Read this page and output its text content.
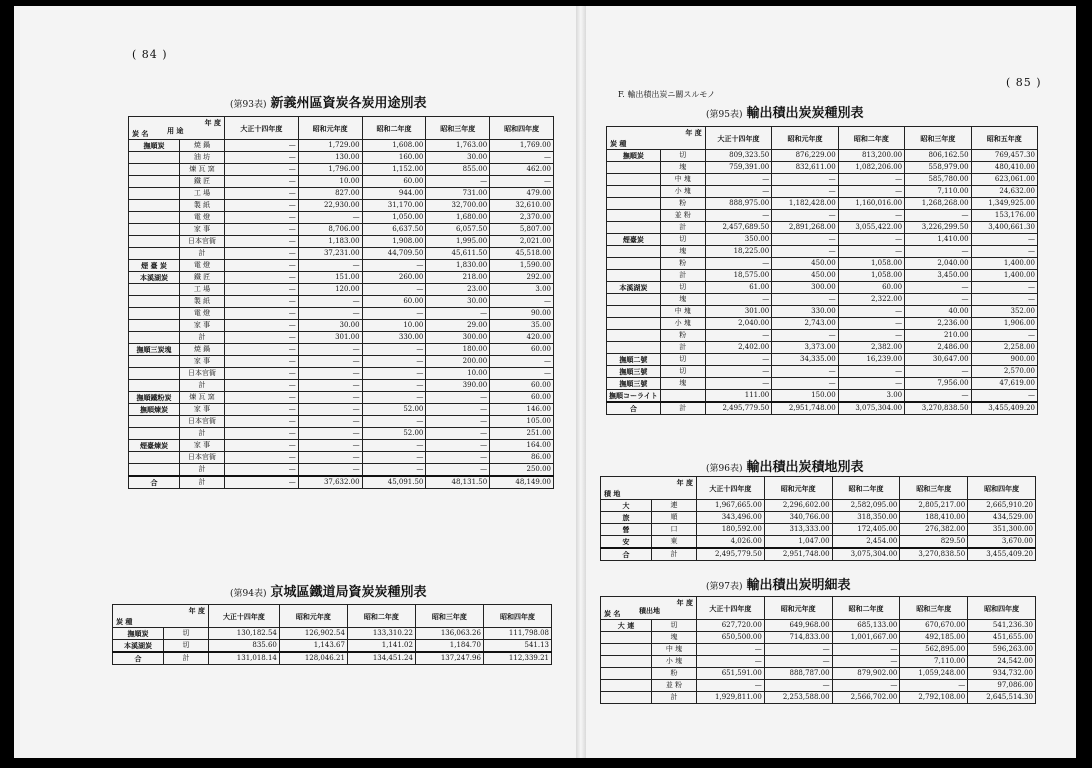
( 84 )
(第93表) 新義州區資炭各炭用途別表
年 度
炭 名 用 途		大正十四年度	昭和元年度	昭和二年度	昭和三年度	昭和四年度
撫順炭	焼 鍋	—	1,729.00	1,608.00	1,763.00	1,769.00
	油 坊	—	130.00	160.00	30.00	—
	煉 瓦 窯	—	1,796.00	1,152.00	855.00	462.00
	鐵 匠	—	10.00	60.00	—	—
	工 場	—	827.00	944.00	731.00	479.00
	製 紙	—	22,930.00	31,170.00	32,700.00	32,610.00
	電 燈	—	—	1,050.00	1,680.00	2,370.00
	家 事	—	8,706.00	6,637.50	6,057.50	5,807.00
	日本官衙	—	1,183.00	1,908.00	1,995.00	2,021.00
	計	—	37,231.00	44,709.50	45,611.50	45,518.00
煙 臺 炭	電 燈	—	—	—	1,830.00	1,590.00
本溪湖炭	鐵 匠	—	151.00	260.00	218.00	292.00
	工 場	—	120.00	—	23.00	3.00
	製 紙	—	—	60.00	30.00	—
	電 燈	—	—	—	—	90.00
	家 事	—	30.00	10.00	29.00	35.00
	計	—	301.00	330.00	300.00	420.00
撫順三炭塊	焼 鍋	—	—	—	180.00	60.00
	家 事	—	—	—	200.00	—
	日本官衙	—	—	—	10.00	—
	計	—	—	—	390.00	60.00
撫順鐵粉炭	煉 瓦 窯	—	—	—	—	60.00
撫順煉炭	家 事	—	—	52.00	—	146.00
	日本官衙	—	—	—	—	105.00
	計	—	—	52.00	—	251.00
煙臺煉炭	家 事	—	—	—	—	164.00
	日本官衙	—	—	—	—	86.00
	計	—	—	—	—	250.00
合	計	—	37,632.00	45,091.50	48,131.50	48,149.00
(第94表) 京城區鐵道局資炭炭種別表
年 度
炭 種		大正十四年度	昭和元年度	昭和二年度	昭和三年度	昭和四年度
撫順炭	切	130,182.54	126,902.54	133,310.22	136,063.26	111,798.08
本溪湖炭	切	835.60	1,143.67	1,141.02	1,184.70	541.13
合	計	131,018.14	128,046.21	134,451.24	137,247.96	112,339.21
( 85 )
F. 輸出積出炭ニ關スルモノ
(第95表) 輸出積出炭炭種別表
年 度
炭 種		大正十四年度	昭和元年度	昭和二年度	昭和三年度	昭和五年度
撫順炭	切	809,323.50	876,229.00	813,200.00	806,162.50	769,457.30
	塊	759,391.00	832,611.00	1,082,206.00	558,979.00	480,410.00
	中 塊	—	—	—	585,780.00	623,061.00
	小 塊	—	—	—	7,110.00	24,632.00
	粉	888,975.00	1,182,428.00	1,160,016.00	1,268,268.00	1,349,925.00
	並 粉	—	—	—	—	153,176.00
	計	2,457,689.50	2,891,268.00	3,055,422.00	3,226,299.50	3,400,661.30
煙臺炭	切	350.00	—	—	1,410.00	—
	塊	18,225.00	—	—	—	—
	粉	—	450.00	1,058.00	2,040.00	1,400.00
	計	18,575.00	450.00	1,058.00	3,450.00	1,400.00
本溪湖炭	切	61.00	300.00	60.00	—	—
	塊	—	—	2,322.00	—	—
	中 塊	301.00	330.00	—	40.00	352.00
	小 塊	2,040.00	2,743.00	—	2,236.00	1,906.00
	粉	—	—	—	210.00	—
	計	2,402.00	3,373.00	2,382.00	2,486.00	2,258.00
撫順二號	切	—	34,335.00	16,239.00	30,647.00	900.00
撫順三號	切	—	—	—	—	2,570.00
撫順三號	塊	—	—	—	7,956.00	47,619.00
撫順コーライト		111.00	150.00	3.00	—	—
合	計	2,495,779.50	2,951,748.00	3,075,304.00	3,270,838.50	3,455,409.20
(第96表) 輸出積出炭積地別表
年 度
積 地		大正十四年度	昭和元年度	昭和二年度	昭和三年度	昭和四年度
大	連	1,967,665.00	2,296,602.00	2,582,095.00	2,805,217.00	2,665,910.20
旅	順	343,496.00	340,766.00	318,350.00	188,410.00	434,529.00
營	口	180,592.00	313,333.00	172,405.00	276,382.00	351,300.00
安	東	4,026.00	1,047.00	2,454.00	829.50	3,670.00
合	計	2,495,779.50	2,951,748.00	3,075,304.00	3,270,838.50	3,455,409.20
(第97表) 輸出積出炭明細表
年 度
炭 名 積出地		大正十四年度	昭和元年度	昭和二年度	昭和三年度	昭和四年度
大 連	切	627,720.00	649,968.00	685,133.00	670,670.00	541,236.30
	塊	650,500.00	714,833.00	1,001,667.00	492,185.00	451,655.00
	中 塊	—	—	—	562,895.00	596,263.00
	小 塊	—	—	—	7,110.00	24,542.00
	粉	651,591.00	888,787.00	879,902.00	1,059,248.00	934,732.00
	並 粉	—	—	—	—	97,086.00
	計	1,929,811.00	2,253,588.00	2,566,702.00	2,792,108.00	2,645,514.30
